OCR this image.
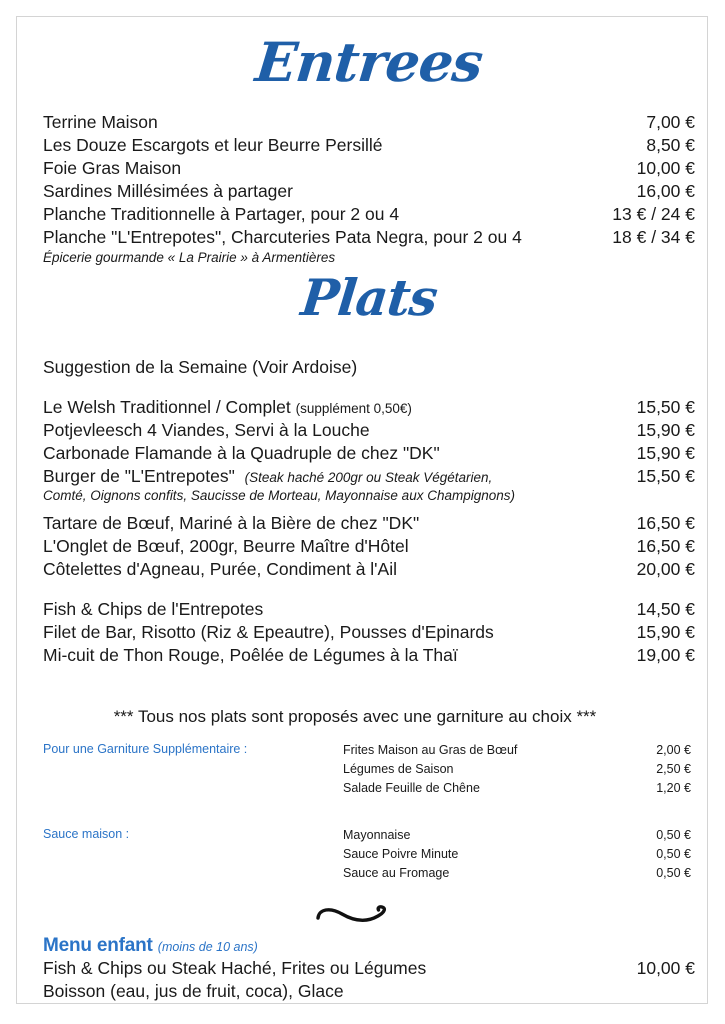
Entrees
Terrine Maison	7,00 €
Les Douze Escargots et leur Beurre Persillé	8,50 €
Foie Gras Maison	10,00 €
Sardines Millésimées à partager	16,00 €
Planche Traditionnelle à Partager, pour 2 ou 4	13 € / 24 €
Planche "L'Entrepotes", Charcuteries Pata Negra, pour 2 ou 4	18 € / 34 €
Épicerie gourmande « La Prairie » à Armentières
Plats
Suggestion de la Semaine (Voir Ardoise)
Le Welsh Traditionnel / Complet (supplément 0,50€)	15,50 €
Potjevleesch 4 Viandes, Servi à la Louche	15,90 €
Carbonade Flamande à la Quadruple de chez "DK"	15,90 €
Burger de "L'Entrepotes" (Steak haché 200gr ou Steak Végétarien,	15,50 €
Comté, Oignons confits, Saucisse de Morteau, Mayonnaise aux Champignons)
Tartare de Bœuf, Mariné à la Bière de chez "DK"	16,50 €
L'Onglet de Bœuf, 200gr, Beurre Maître d'Hôtel	16,50 €
Côtelettes d'Agneau, Purée, Condiment à l'Ail	20,00 €
Fish & Chips de l'Entrepotes	14,50 €
Filet de Bar, Risotto (Riz & Epeautre), Pousses d'Epinards	15,90 €
Mi-cuit de Thon Rouge, Poêlée de Légumes à la Thaï	19,00 €
*** Tous nos plats sont proposés avec une garniture au choix ***
Pour une Garniture Supplémentaire :	Frites Maison au Gras de Bœuf	2,00 €
Légumes de Saison	2,50 €
Salade Feuille de Chêne	1,20 €
Sauce maison :	Mayonnaise	0,50 €
Sauce Poivre Minute	0,50 €
Sauce au Fromage	0,50 €
Menu enfant (moins de 10 ans)
Fish & Chips ou Steak Haché, Frites ou Légumes	10,00 €
Boisson (eau, jus de fruit, coca), Glace
